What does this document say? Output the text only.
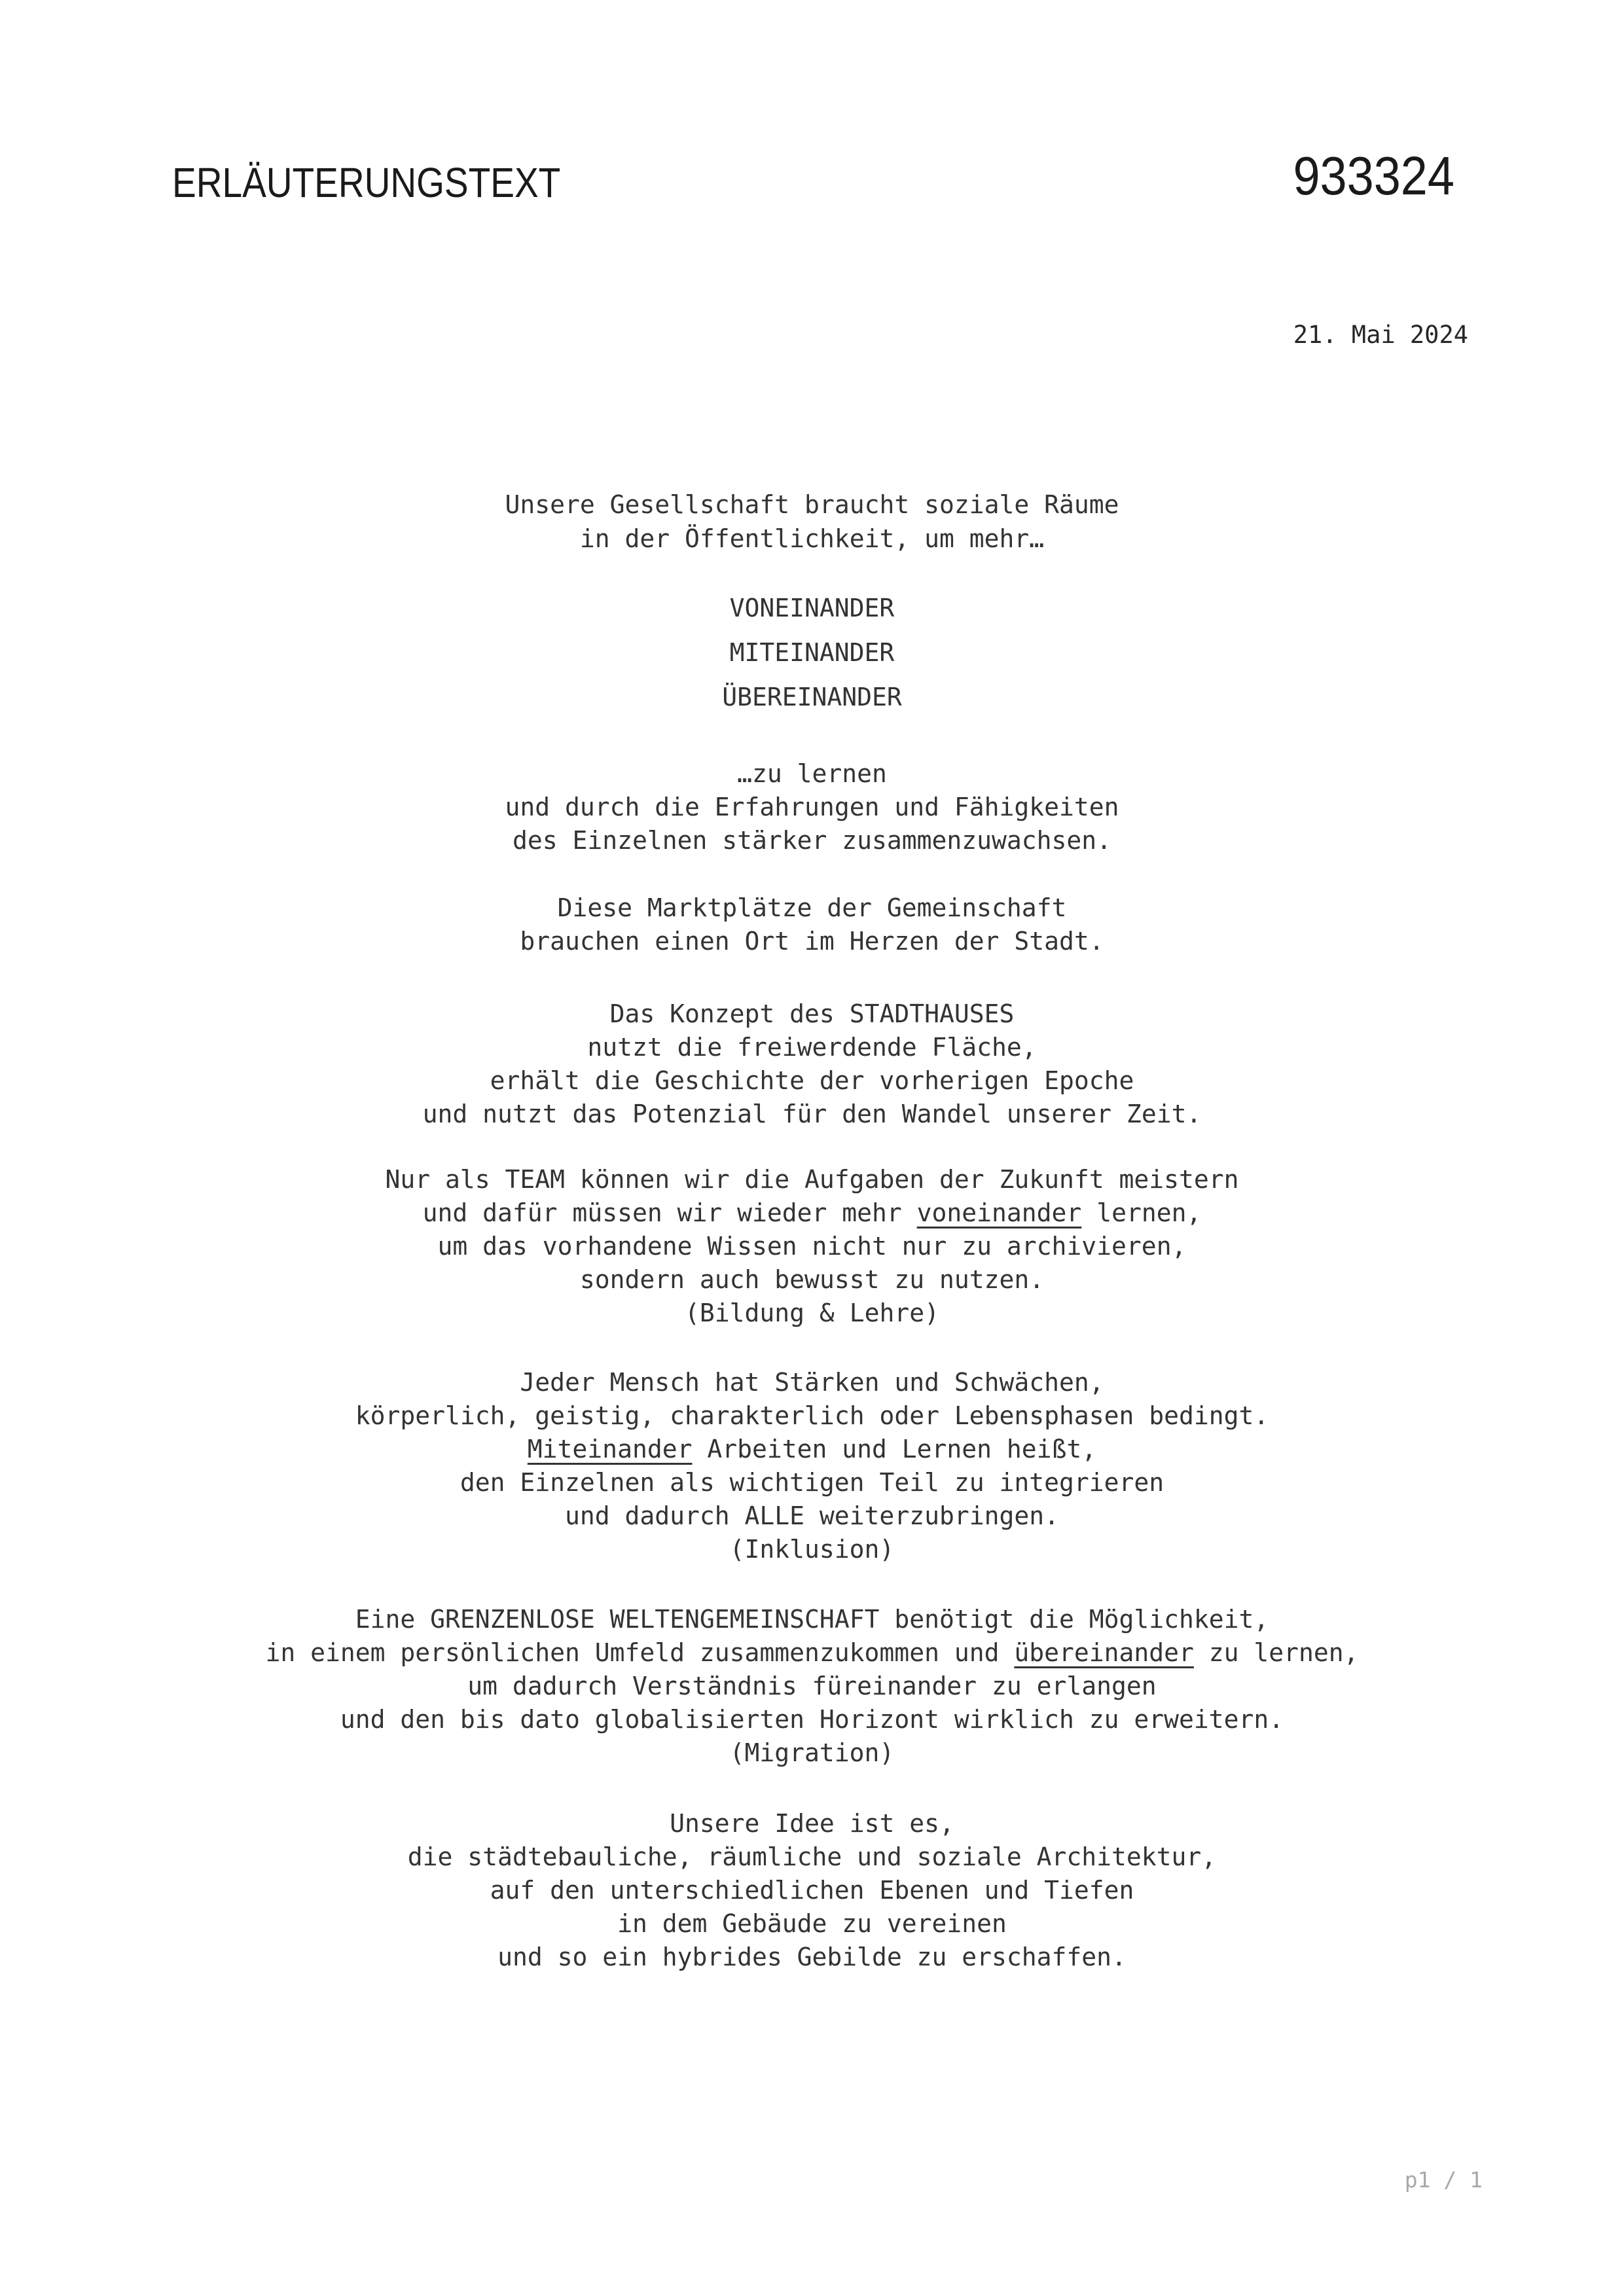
ERLÄUTERUNGSTEXT	933324
21. Mai 2024
Unsere Gesellschaft braucht soziale Räume
in der Öffentlichkeit, um mehr…
VONEINANDER
MITEINANDER
ÜBEREINANDER
…zu lernen
und durch die Erfahrungen und Fähigkeiten
des Einzelnen stärker zusammenzuwachsen.
Diese Marktplätze der Gemeinschaft
brauchen einen Ort im Herzen der Stadt.
Das Konzept des STADTHAUSES
nutzt die freiwerdende Fläche,
erhält die Geschichte der vorherigen Epoche
und nutzt das Potenzial für den Wandel unserer Zeit.
Nur als TEAM können wir die Aufgaben der Zukunft meistern
und dafür müssen wir wieder mehr voneinander lernen,
um das vorhandene Wissen nicht nur zu archivieren,
sondern auch bewusst zu nutzen.
(Bildung & Lehre)
Jeder Mensch hat Stärken und Schwächen,
körperlich, geistig, charakterlich oder Lebensphasen bedingt.
Miteinander Arbeiten und Lernen heißt,
den Einzelnen als wichtigen Teil zu integrieren
und dadurch ALLE weiterzubringen.
(Inklusion)
Eine GRENZENLOSE WELTENGEMEINSCHAFT benötigt die Möglichkeit,
in einem persönlichen Umfeld zusammenzukommen und übereinander zu lernen,
um dadurch Verständnis füreinander zu erlangen
und den bis dato globalisierten Horizont wirklich zu erweitern.
(Migration)
Unsere Idee ist es,
die städtebauliche, räumliche und soziale Architektur,
auf den unterschiedlichen Ebenen und Tiefen
in dem Gebäude zu vereinen
und so ein hybrides Gebilde zu erschaffen.
p1 / 1
